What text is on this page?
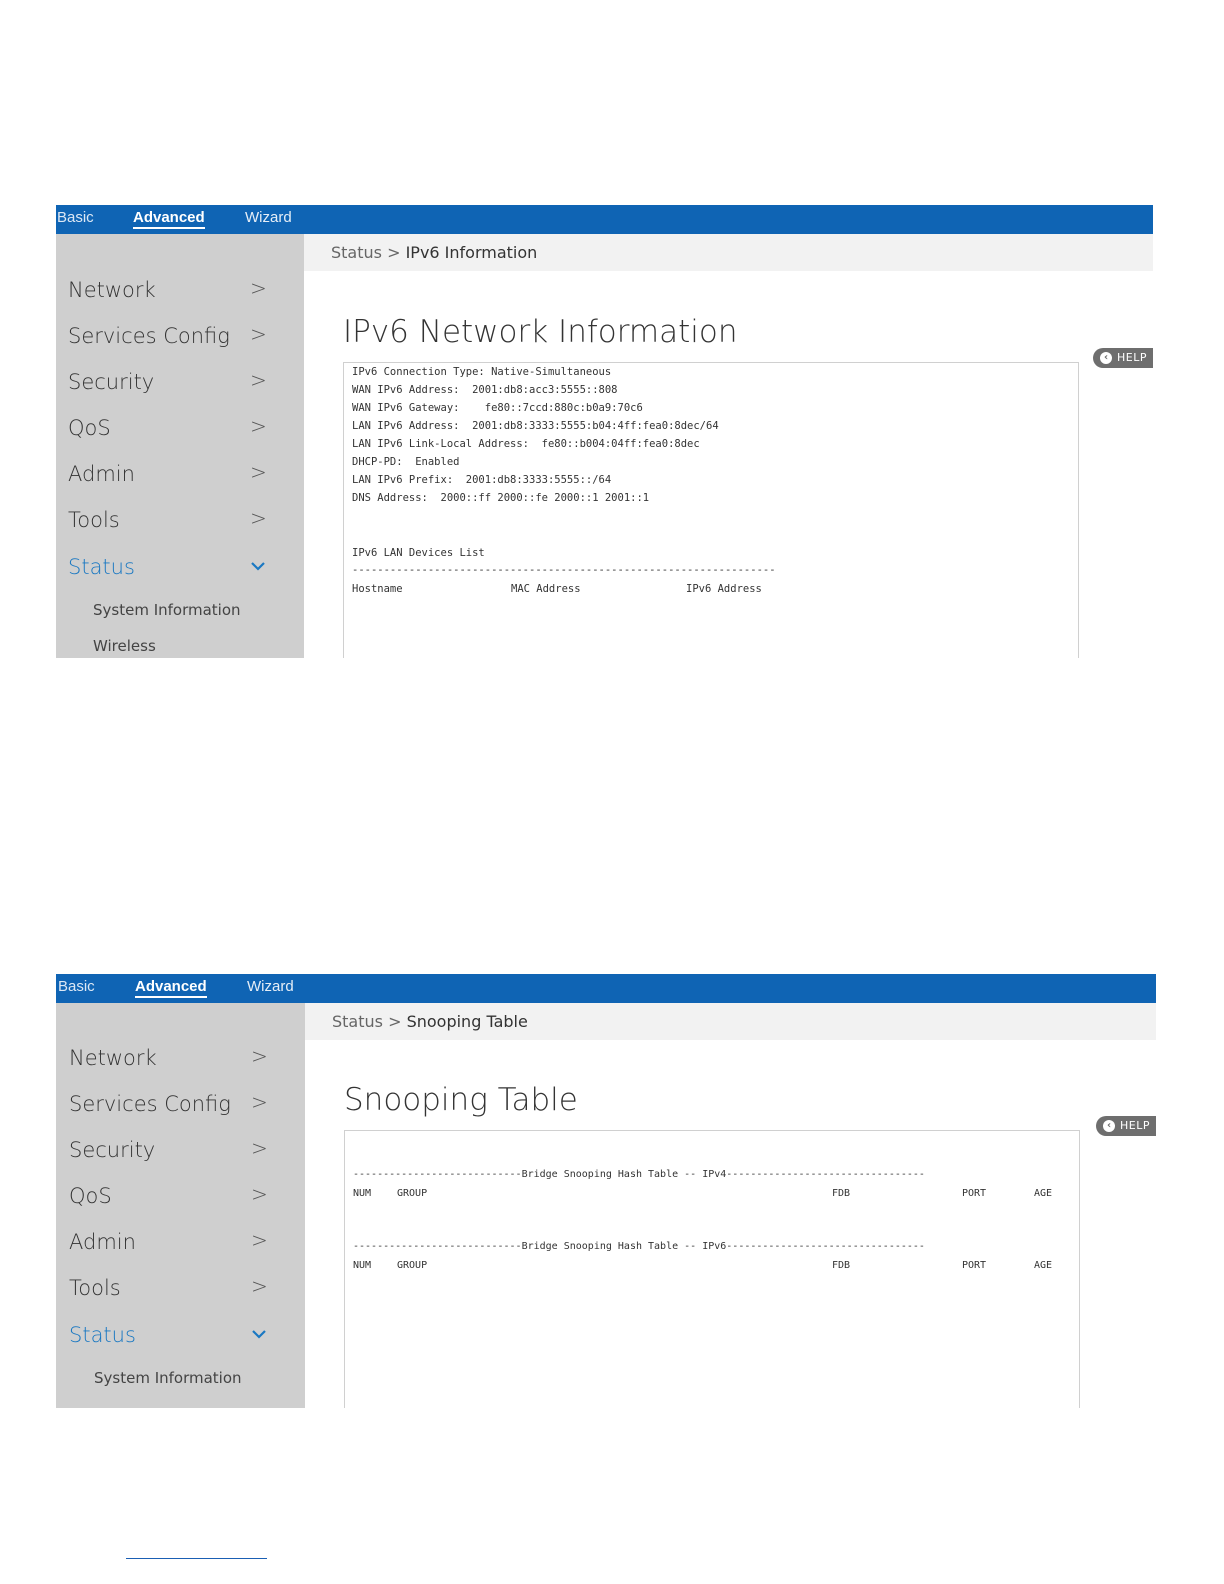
Basic	Advanced	Wizard
Network	>
Services Config >
Security	>
QoS	>
Admin	>
Tools	>
Status
System Information
Wireless
Status > IPv6 Information
IPv6 Network Information
‹ HELP
IPv6 Connection Type: Native-Simultaneous
WAN IPv6 Address:  2001:db8:acc3:5555::808
WAN IPv6 Gateway:    fe80::7ccd:880c:b0a9:70c6
LAN IPv6 Address:  2001:db8:3333:5555:b04:4ff:fea0:8dec/64
LAN IPv6 Link-Local Address:  fe80::b004:04ff:fea0:8dec
DHCP-PD:  Enabled
LAN IPv6 Prefix:  2001:db8:3333:5555::/64
DNS Address:  2000::ff 2000::fe 2000::1 2001::1
IPv6 LAN Devices List
-------------------------------------------------------------------
Hostname	MAC Address	IPv6 Address
Basic	Advanced	Wizard
Network	>
Services Config >
Security	>
QoS	>
Admin	>
Tools	>
Status
System Information
Status > Snooping Table
Snooping Table
‹ HELP
----------------------------Bridge Snooping Hash Table -- IPv4---------------------------------
NUM	GROUP	FDB	PORT	AGE
----------------------------Bridge Snooping Hash Table -- IPv6---------------------------------
NUM	GROUP	FDB	PORT	AGE
